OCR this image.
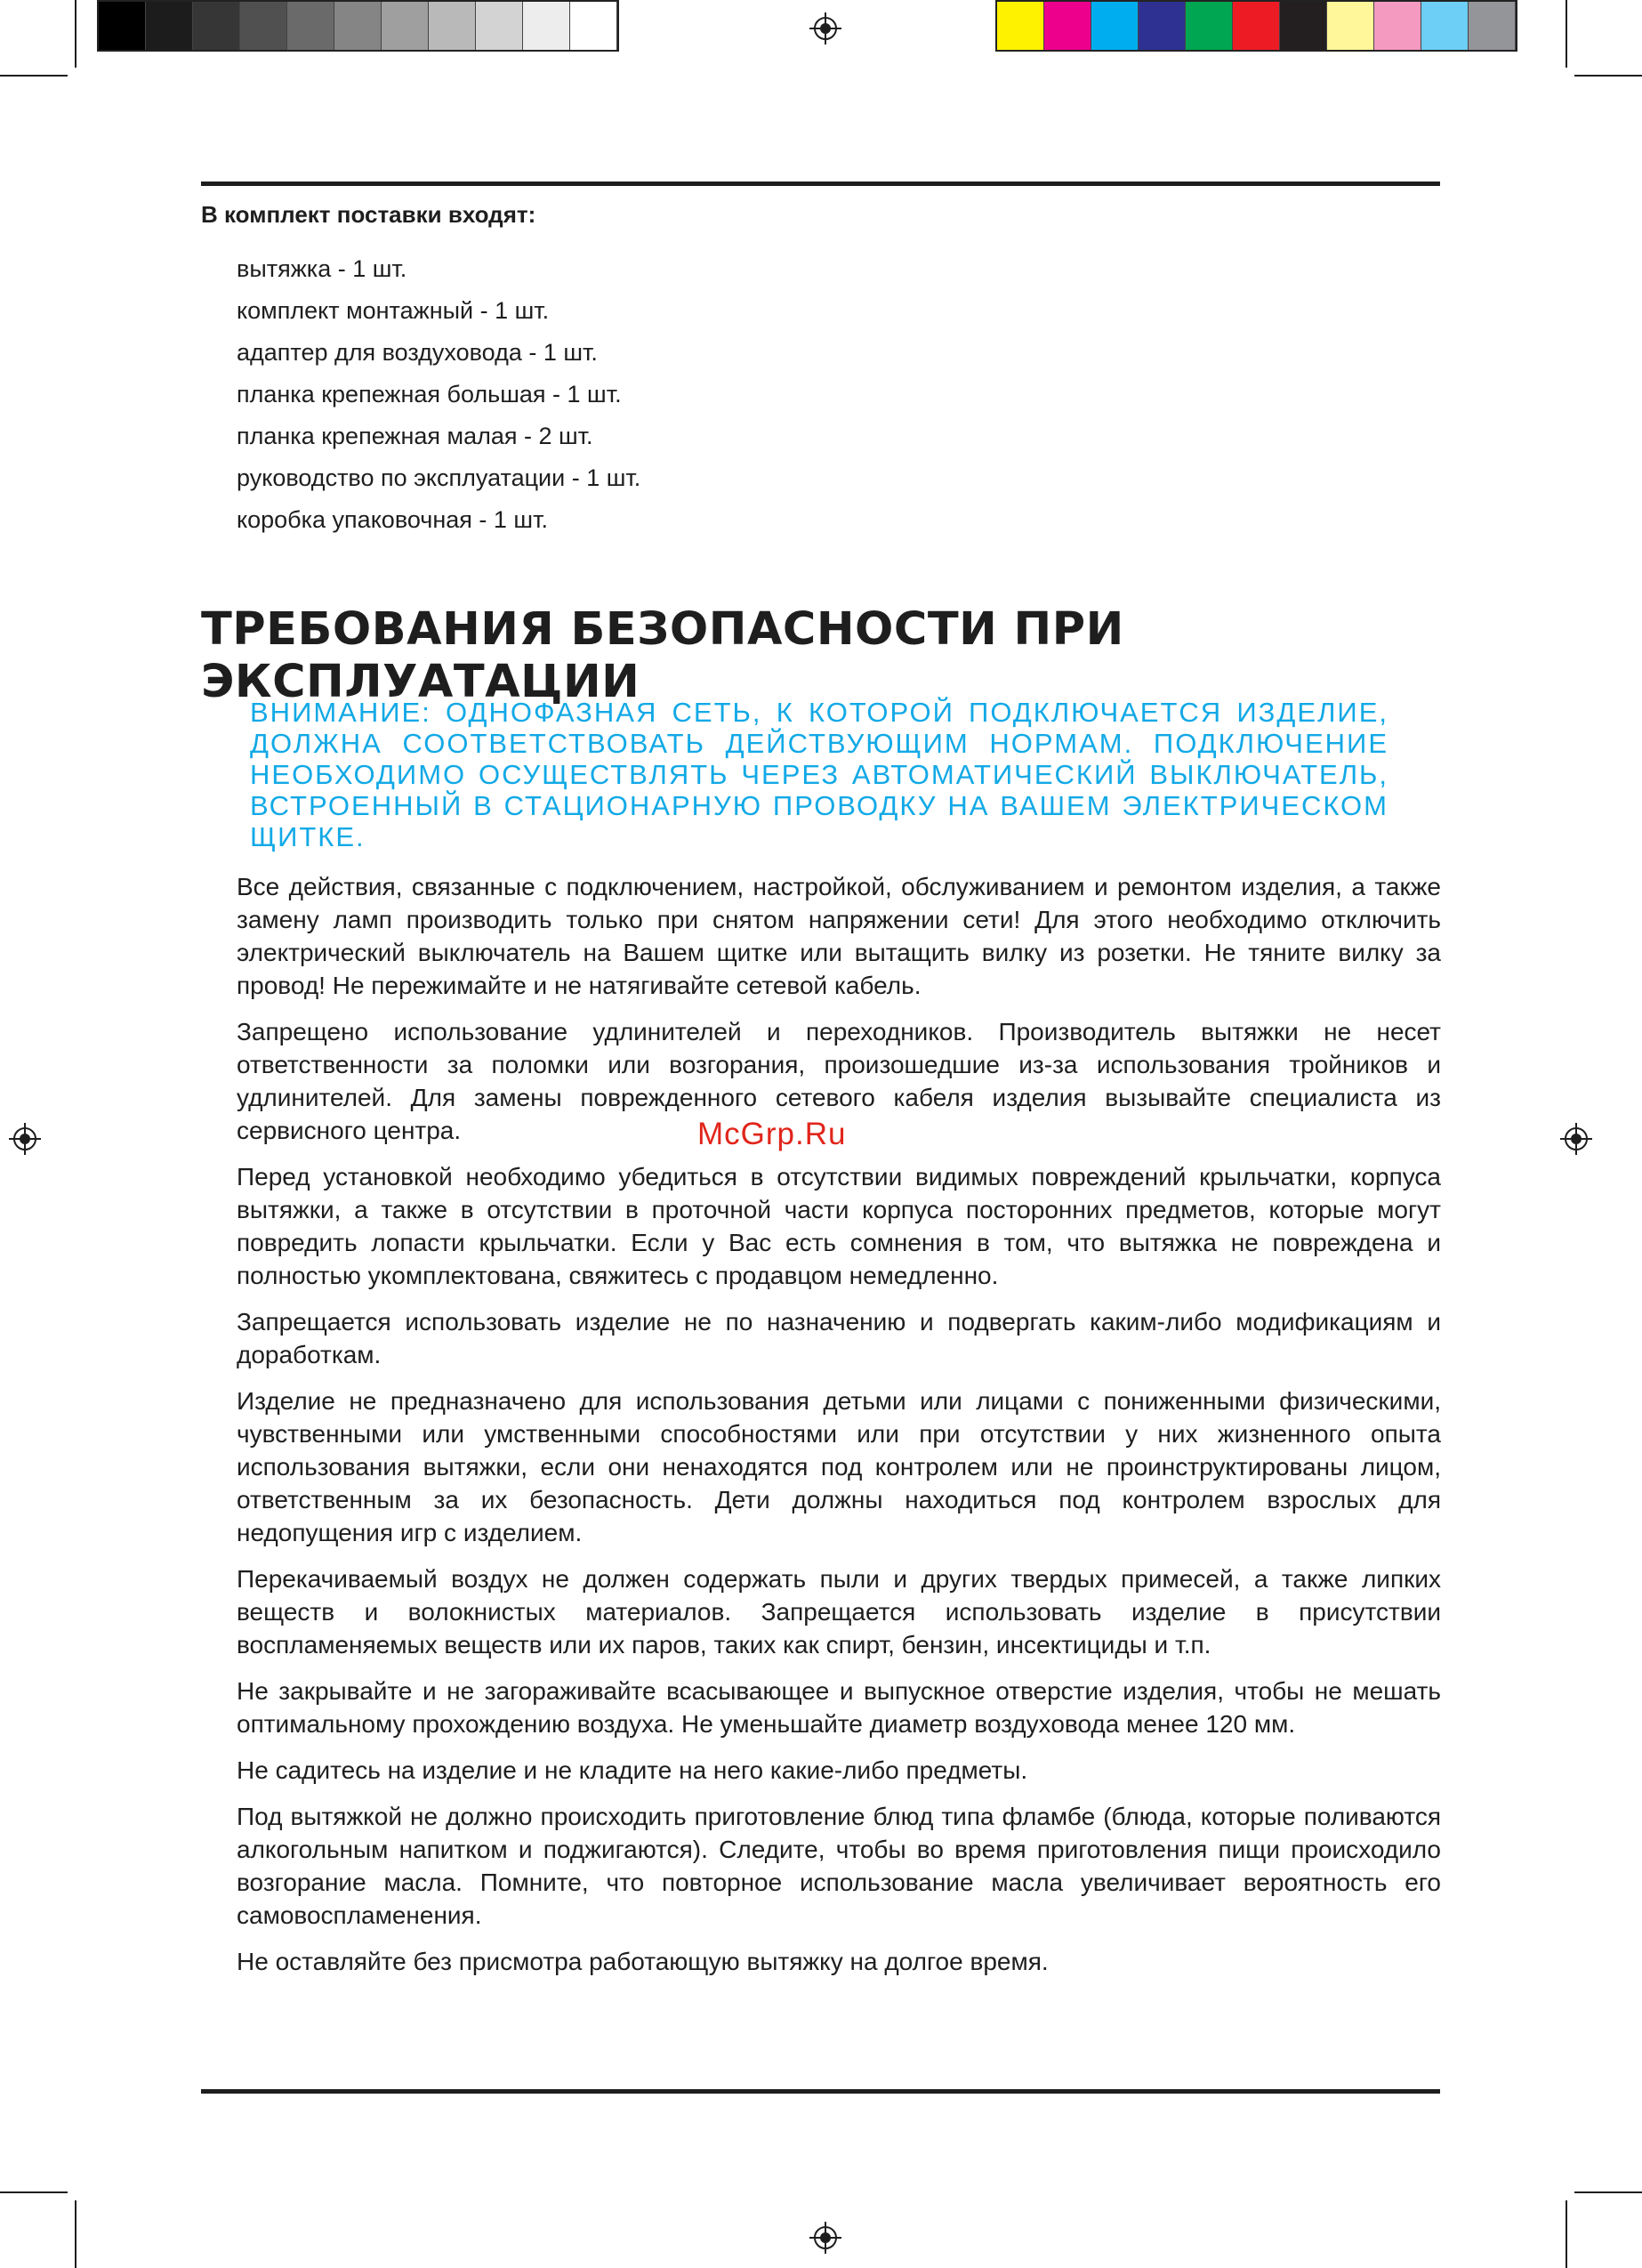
В комплект поставки входят:
вытяжка - 1 шт.
комплект монтажный - 1 шт.
адаптер для воздуховода - 1 шт.
планка крепежная большая - 1 шт.
планка крепежная малая - 2 шт.
руководство по эксплуатации - 1 шт.
коробка упаковочная - 1 шт.
ТРЕБОВАНИЯ БЕЗОПАСНОСТИ ПРИ ЭКСПЛУАТАЦИИ
ВНИМАНИЕ: ОДНОФАЗНАЯ СЕТЬ, К КОТОРОЙ ПОДКЛЮЧАЕТСЯ ИЗДЕЛИЕ, ДОЛЖНА СООТВЕТСТВОВАТЬ ДЕЙСТВУЮЩИМ НОРМАМ. ПОДКЛЮЧЕНИЕ НЕОБХОДИМО ОСУЩЕСТВЛЯТЬ ЧЕРЕЗ АВТОМАТИЧЕСКИЙ ВЫКЛЮЧАТЕЛЬ, ВСТРОЕННЫЙ В СТАЦИОНАРНУЮ ПРОВОДКУ НА ВАШЕМ ЭЛЕКТРИЧЕСКОМ ЩИТКЕ.

Все действия, связанные с подключением, настройкой, обслуживанием и ремонтом изделия, а также замену ламп производить только при снятом напряжении сети! Для этого необходимо отключить электрический выключатель на Вашем щитке или вытащить вилку из розетки. Не тяните вилку за провод! Не пережимайте и не натягивайте сетевой кабель.

Запрещено использование удлинителей и переходников. Производитель вытяжки не несет ответственности за поломки или возгорания, произошедшие из-за использования тройников и удлинителей. Для замены поврежденного сетевого кабеля изделия вызывайте специалиста из сервисного центра.

Перед установкой необходимо убедиться в отсутствии видимых повреждений крыльчатки, корпуса вытяжки, а также в отсутствии в проточной части корпуса посторонних предметов, которые могут повредить лопасти крыльчатки. Если у Вас есть сомнения в том, что вытяжка не повреждена и полностью укомплектована, свяжитесь с продавцом немедленно.

Запрещается использовать изделие не по назначению и подвергать каким-либо модификациям и доработкам.

Изделие не предназначено для использования детьми или лицами с пониженными физическими, чувственными или умственными способностями или при отсутствии у них жизненного опыта использования вытяжки, если они ненаходятся под контролем или не проинструктированы лицом, ответственным за их безопасность. Дети должны находиться под контролем взрослых для недопущения игр с изделием.

Перекачиваемый воздух не должен содержать пыли и других твердых примесей, а также липких веществ и волокнистых материалов. Запрещается использовать изделие в присутствии воспламеняемых веществ или их паров, таких как спирт, бензин, инсектициды и т.п.

Не закрывайте и не загораживайте всасывающее и выпускное отверстие изделия, чтобы не мешать оптимальному прохождению воздуха. Не уменьшайте диаметр воздуховода менее 120 мм.

Не садитесь на изделие и не кладите на него какие-либо предметы.

Под вытяжкой не должно происходить приготовление блюд типа фламбе (блюда, которые поливаются алкогольным напитком и поджигаются). Следите, чтобы во время приготовления пищи происходило возгорание масла. Помните, что повторное использование масла увеличивает вероятность его самовоспламенения.

Не оставляйте без присмотра работающую вытяжку на долгое время.

McGrp.Ru
